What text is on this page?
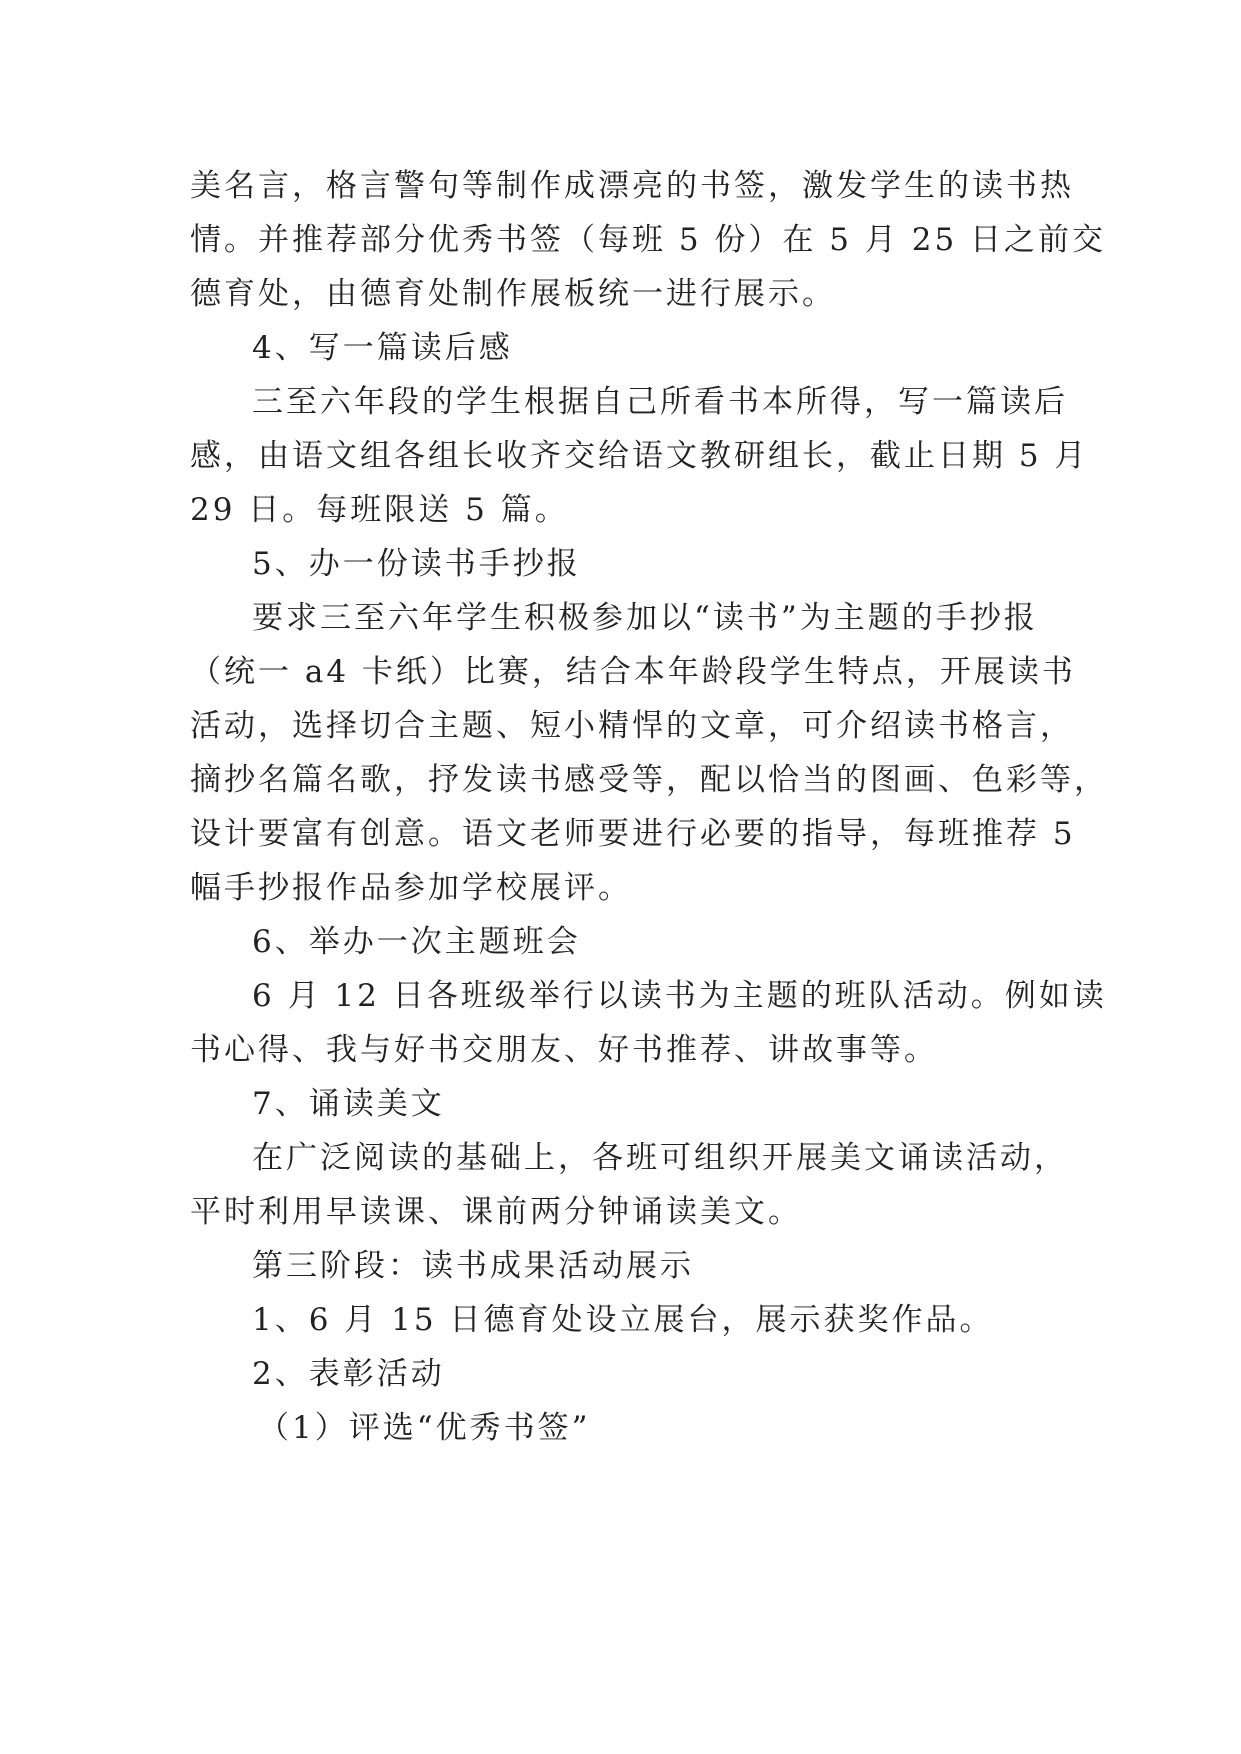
美名言，格言警句等制作成漂亮的书签，激发学生的读书热
情。并推荐部分优秀书签（每班 5 份）在 5 月 25 日之前交
德育处，由德育处制作展板统一进行展示。
4、写一篇读后感
三至六年段的学生根据自己所看书本所得，写一篇读后
感，由语文组各组长收齐交给语文教研组长，截止日期 5 月
29 日。每班限送 5 篇。
5、办一份读书手抄报
要求三至六年学生积极参加以“读书”为主题的手抄报
（统一 a4 卡纸）比赛，结合本年龄段学生特点，开展读书
活动，选择切合主题、短小精悍的文章，可介绍读书格言，
摘抄名篇名歌，抒发读书感受等，配以恰当的图画、色彩等，
设计要富有创意。语文老师要进行必要的指导，每班推荐 5
幅手抄报作品参加学校展评。
6、举办一次主题班会
6 月 12 日各班级举行以读书为主题的班队活动。例如读
书心得、我与好书交朋友、好书推荐、讲故事等。
7、诵读美文
在广泛阅读的基础上，各班可组织开展美文诵读活动，
平时利用早读课、课前两分钟诵读美文。
第三阶段：读书成果活动展示
1、6 月 15 日德育处设立展台，展示获奖作品。
2、表彰活动
（1）评选“优秀书签”
